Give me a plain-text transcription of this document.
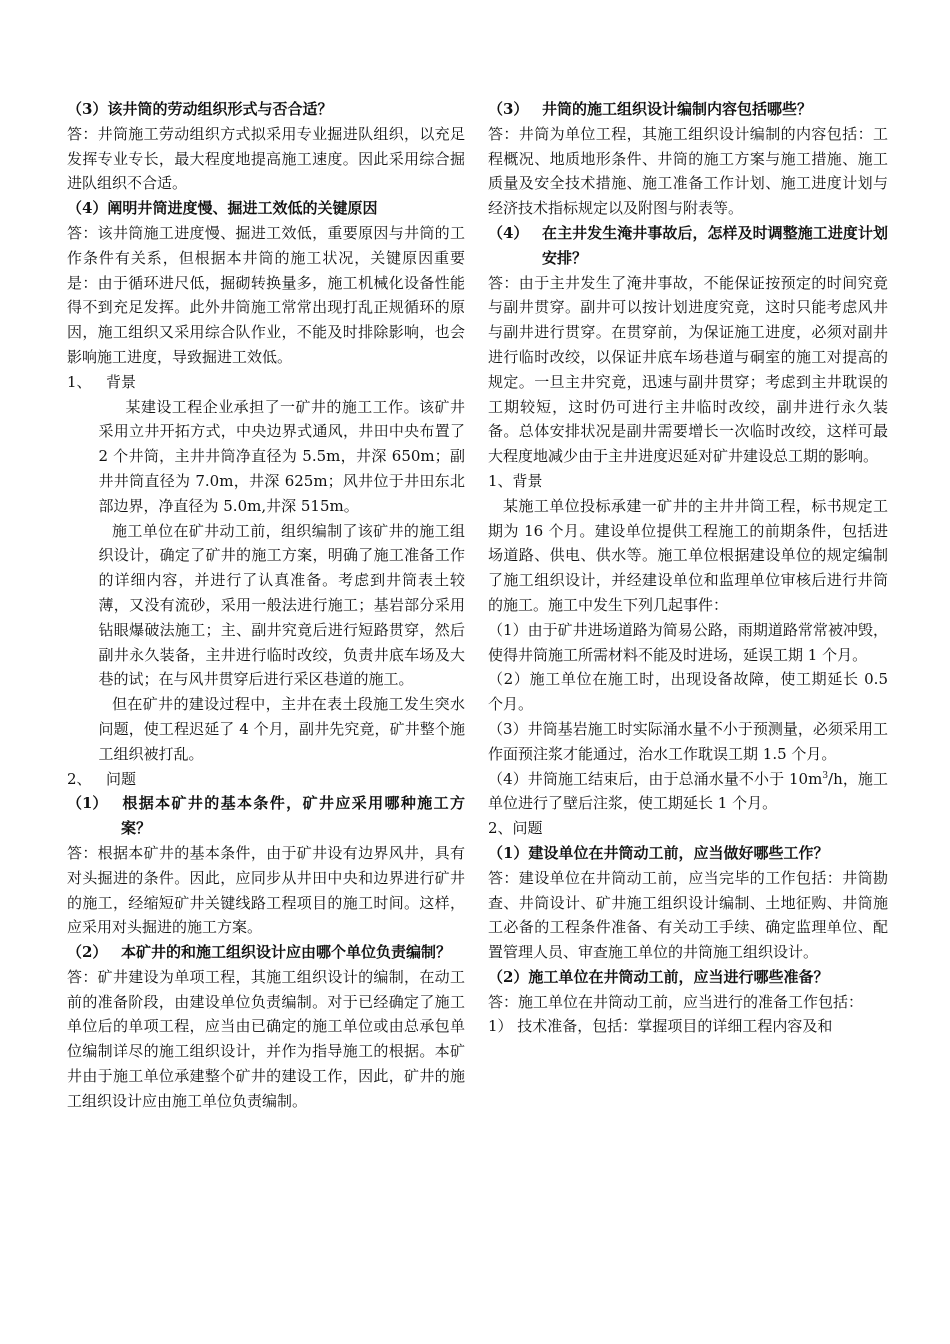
（3）该井筒的劳动组织形式与否合适？
答：井筒施工劳动组织方式拟采用专业掘进队组织，以充足发挥专业专长，最大程度地提高施工速度。因此采用综合掘进队组织不合适。
（4）阐明井筒进度慢、掘进工效低的关键原因
答：该井筒施工进度慢、掘进工效低，重要原因与井筒的工作条件有关系，但根据本井筒的施工状况，关键原因重要是：由于循环进尺低，掘砌转换量多，施工机械化设备性能得不到充足发挥。此外井筒施工常常出现打乱正规循环的原因，施工组织又采用综合队作业，不能及时排除影响，也会影响施工进度，导致掘进工效低。
1、 背景
某建设工程企业承担了一矿井的施工工作。该矿井采用立井开拓方式，中央边界式通风，井田中央布置了 2 个井筒，主井井筒净直径为 5.5m，井深 650m；副井井筒直径为 7.0m，井深 625m；风井位于井田东北部边界，净直径为 5.0m,井深 515m。
施工单位在矿井动工前，组织编制了该矿井的施工组织设计，确定了矿井的施工方案，明确了施工准备工作的详细内容，并进行了认真准备。考虑到井筒表土较薄，又没有流砂，采用一般法进行施工；基岩部分采用钻眼爆破法施工；主、副井究竟后进行短路贯穿，然后副井永久装备，主井进行临时改绞，负责井底车场及大巷的试；在与风井贯穿后进行采区巷道的施工。
但在矿井的建设过程中，主井在表土段施工发生突水问题，使工程迟延了 4 个月，副井先究竟，矿井整个施工组织被打乱。
2、 问题
（1） 根据本矿井的基本条件，矿井应采用哪种施工方案？
答：根据本矿井的基本条件，由于矿井设有边界风井，具有对头掘进的条件。因此，应同步从井田中央和边界进行矿井的施工，经缩短矿井关键线路工程项目的施工时间。这样，应采用对头掘进的施工方案。
（2） 本矿井的和施工组织设计应由哪个单位负责编制？
答：矿井建设为单项工程，其施工组织设计的编制，在动工前的准备阶段，由建设单位负责编制。对于已经确定了施工单位后的单项工程，应当由已确定的施工单位或由总承包单位编制详尽的施工组织设计，并作为指导施工的根据。本矿井由于施工单位承建整个矿井的建设工作，因此，矿井的施工组织设计应由施工单位负责编制。
（3） 井筒的施工组织设计编制内容包括哪些？
答：井筒为单位工程，其施工组织设计编制的内容包括：工程概况、地质地形条件、井筒的施工方案与施工措施、施工质量及安全技术措施、施工准备工作计划、施工进度计划与经济技术指标规定以及附图与附表等。
（4） 在主井发生淹井事故后，怎样及时调整施工进度计划安排？
答：由于主井发生了淹井事故，不能保证按预定的时间究竟与副井贯穿。副井可以按计划进度究竟，这时只能考虑风井与副井进行贯穿。在贯穿前，为保证施工进度，必须对副井进行临时改绞，以保证井底车场巷道与硐室的施工对提高的规定。一旦主井究竟，迅速与副井贯穿；考虑到主井耽误的工期较短，这时仍可进行主井临时改绞，副井进行永久装备。总体安排状况是副井需要增长一次临时改绞，这样可最大程度地减少由于主井进度迟延对矿井建设总工期的影响。
1、背景
某施工单位投标承建一矿井的主井井筒工程，标书规定工期为 16 个月。建设单位提供工程施工的前期条件，包括进场道路、供电、供水等。施工单位根据建设单位的规定编制了施工组织设计，并经建设单位和监理单位审核后进行井筒的施工。施工中发生下列几起事件：
（1）由于矿井进场道路为简易公路，雨期道路常常被冲毁，使得井筒施工所需材料不能及时进场，延误工期 1 个月。
（2）施工单位在施工时，出现设备故障，使工期延长 0.5 个月。
（3）井筒基岩施工时实际涌水量不小于预测量，必须采用工作面预注浆才能通过，治水工作耽误工期 1.5 个月。
（4）井筒施工结束后，由于总涌水量不小于 $10m^3/h$，施工单位进行了壁后注浆，使工期延长 1 个月。
2、问题
（1）建设单位在井筒动工前，应当做好哪些工作？
答：建设单位在井筒动工前，应当完毕的工作包括：井筒勘查、井筒设计、矿井施工组织设计编制、土地征购、井筒施工必备的工程条件准备、有关动工手续、确定监理单位、配置管理人员、审查施工单位的井筒施工组织设计。
（2）施工单位在井筒动工前，应当进行哪些准备？
答：施工单位在井筒动工前，应当进行的准备工作包括：
1） 技术准备，包括：掌握项目的详细工程内容及和
